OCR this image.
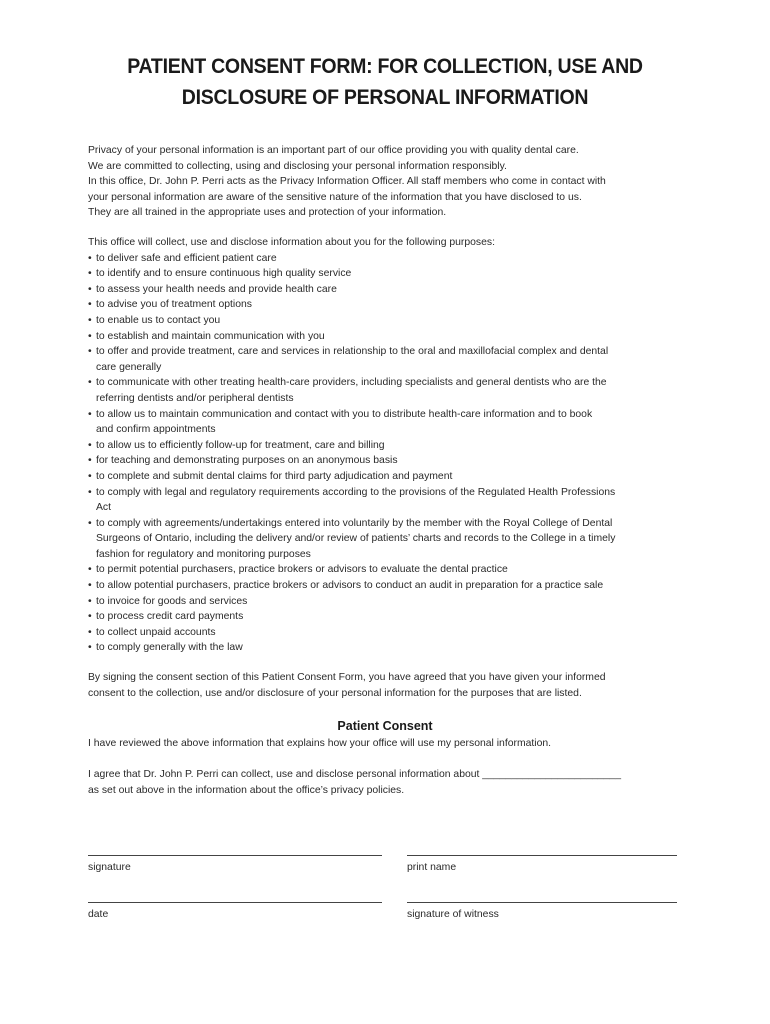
PATIENT CONSENT FORM: FOR COLLECTION, USE AND
DISCLOSURE OF PERSONAL INFORMATION

Privacy of your personal information is an important part of our office providing you with quality dental care.

We are committed to collecting, using and disclosing your personal information responsibly.

In this office, Dr. John P. Perri acts as the Privacy Information Officer. All staff members who come in contact with

your personal information are aware of the sensitive nature of the information that you have disclosed to us.

They are all trained in the appropriate uses and protection of your information.

This office will collect, use and disclose information about you for the following purposes:

• to deliver safe and efficient patient care
• to identify and to ensure continuous high quality service
• to assess your health needs and provide health care
• to advise you of treatment options
• to enable us to contact you
• to establish and maintain communication with you
• to offer and provide treatment, care and services in relationship to the oral and maxillofacial complex and dental
care generally
• to communicate with other treating health-care providers, including specialists and general dentists who are the
referring dentists and/or peripheral dentists
• to allow us to maintain communication and contact with you to distribute health-care information and to book
and confirm appointments
• to allow us to efficiently follow-up for treatment, care and billing
• for teaching and demonstrating purposes on an anonymous basis
• to complete and submit dental claims for third party adjudication and payment
• to comply with legal and regulatory requirements according to the provisions of the Regulated Health Professions
Act
• to comply with agreements/undertakings entered into voluntarily by the member with the Royal College of Dental
Surgeons of Ontario, including the delivery and/or review of patients’ charts and records to the College in a timely
fashion for regulatory and monitoring purposes
• to permit potential purchasers, practice brokers or advisors to evaluate the dental practice
• to allow potential purchasers, practice brokers or advisors to conduct an audit in preparation for a practice sale
• to invoice for goods and services
• to process credit card payments
• to collect unpaid accounts
• to comply generally with the law

By signing the consent section of this Patient Consent Form, you have agreed that you have given your informed

consent to the collection, use and/or disclosure of your personal information for the purposes that are listed.

Patient Consent

I have reviewed the above information that explains how your office will use my personal information.

I agree that Dr. John P. Perri can collect, use and disclose personal information about ________________________

as set out above in the information about the office’s privacy policies.

signature	print name
date	signature of witness
